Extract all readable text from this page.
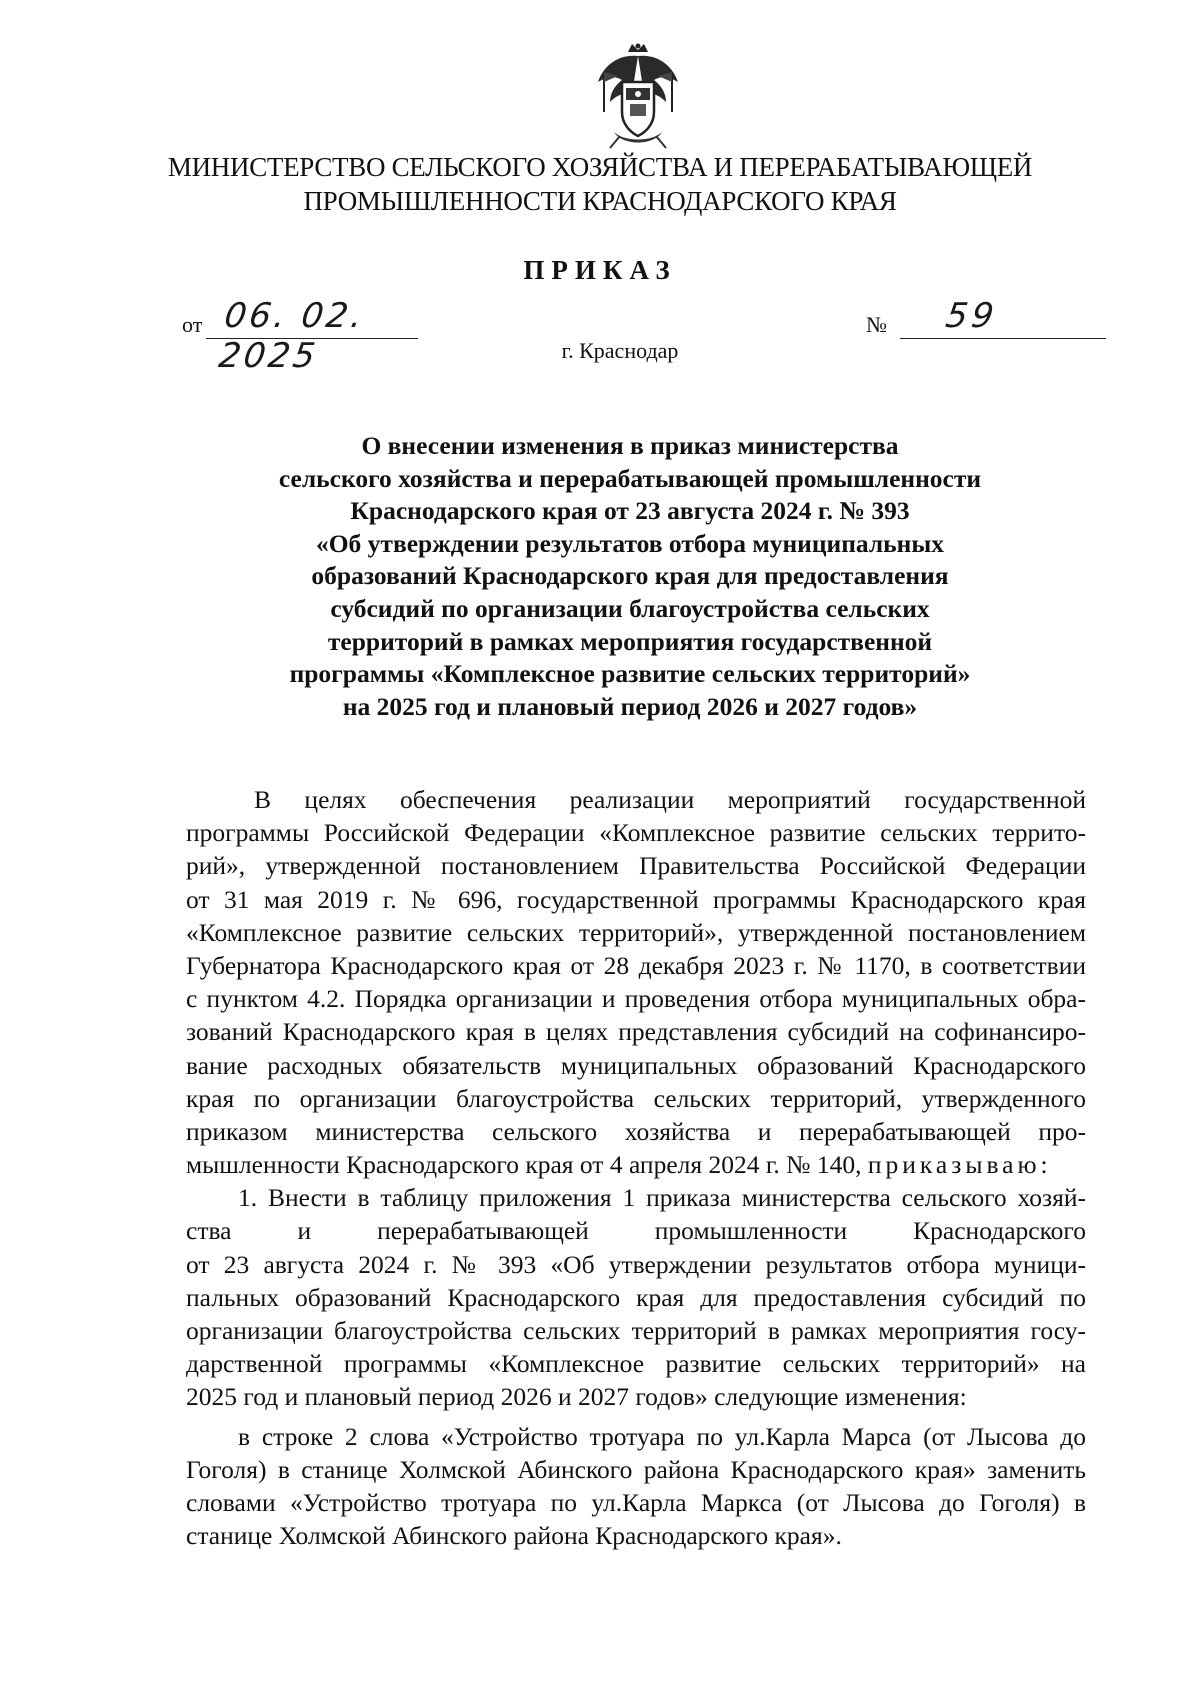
МИНИСТЕРСТВО СЕЛЬСКОГО ХОЗЯЙСТВА И ПЕРЕРАБАТЫВАЮЩЕЙ
ПРОМЫШЛЕННОСТИ КРАСНОДАРСКОГО КРАЯ
ПРИКАЗ
от 06. 02. 2025
№ 59
г. Краснодар
О внесении изменения в приказ министерства
сельского хозяйства и перерабатывающей промышленности
Краснодарского края от 23 августа 2024 г. № 393
«Об утверждении результатов отбора муниципальных
образований Краснодарского края для предоставления
субсидий по организации благоустройства сельских
территорий в рамках мероприятия государственной
программы «Комплексное развитие сельских территорий»
на 2025 год и плановый период 2026 и 2027 годов»
В целях обеспечения реализации мероприятий государственной
программы Российской Федерации «Комплексное развитие сельских террито-
рий», утвержденной постановлением Правительства Российской Федерации
от 31 мая 2019 г. № 696, государственной программы Краснодарского края
«Комплексное развитие сельских территорий», утвержденной постановлением
Губернатора Краснодарского края от 28 декабря 2023 г. № 1170, в соответствии
с пунктом 4.2. Порядка организации и проведения отбора муниципальных обра-
зований Краснодарского края в целях представления субсидий на софинансиро-
вание расходных обязательств муниципальных образований Краснодарского
края по организации благоустройства сельских территорий, утвержденного
приказом министерства сельского хозяйства и перерабатывающей про-
мышленности Краснодарского края от 4 апреля 2024 г. № 140, приказываю:
1. Внести в таблицу приложения 1 приказа министерства сельского хозяй-
ства и перерабатывающей промышленности Краснодарского
от 23 августа 2024 г. № 393 «Об утверждении результатов отбора муници-
пальных образований Краснодарского края для предоставления субсидий по
организации благоустройства сельских территорий в рамках мероприятия госу-
дарственной программы «Комплексное развитие сельских территорий» на
2025 год и плановый период 2026 и 2027 годов» следующие изменения:
в строке 2 слова «Устройство тротуара по ул.Карла Марса (от Лысова до
Гоголя) в станице Холмской Абинского района Краснодарского края» заменить
словами «Устройство тротуара по ул.Карла Маркса (от Лысова до Гоголя) в
станице Холмской Абинского района Краснодарского края».
